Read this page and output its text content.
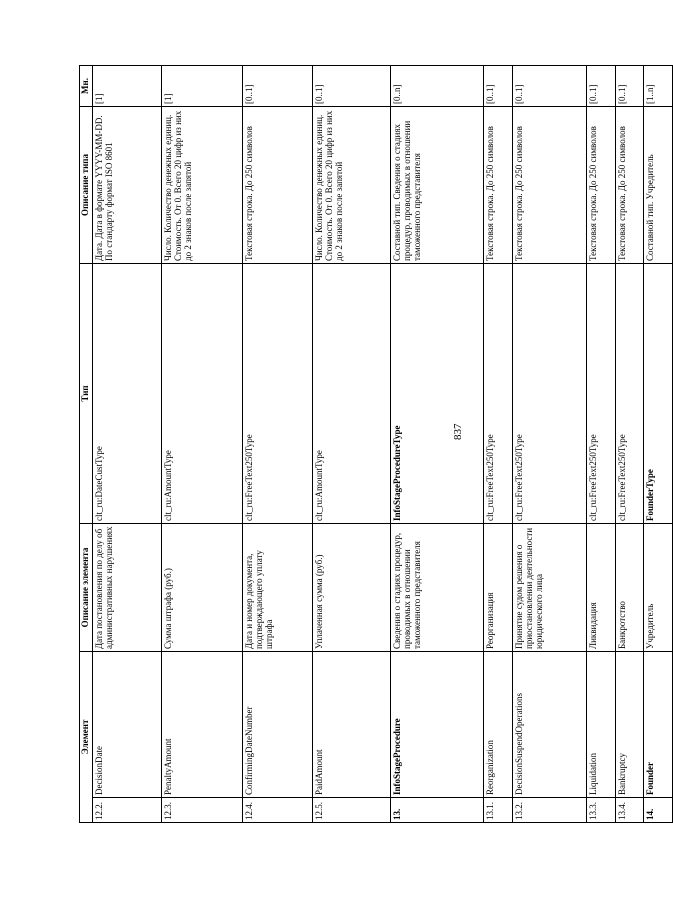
837
Элемент		Описание элемента	Тип	Описание типа	Мн.
12.2.	DecisionDate	Дата постановления по делу об административных нарушениях	clt_ru:DateCustType	Дата. Дата в формате YYYY-MM-DD. По стандарту формат ISO 8601	[1]
12.3.	PenaltyAmount	Сумма штрафа (руб.)	clt_ru:AmountType	Число. Количество денежных единиц. Стоимость. От 0. Всего 20 цифр из них до 2 знаков после запятой	[1]
12.4.	ConfirmingDateNumber	Дата и номер документа, подтверждающего уплату штрафа	clt_ru:FreeText250Type	Текстовая строка. До 250 символов	[0..1]
12.5.	PaidAmount	Уплаченная сумма (руб.)	clt_ru:AmountType	Число. Количество денежных единиц. Стоимость. От 0. Всего 20 цифр из них до 2 знаков после запятой	[0..1]
13.	InfoStageProcedure	Сведения о стадиях процедур, проводимых в отношении таможенного представителя	InfoStageProcedureType	Составной тип. Сведения о стадиях процедур, проводимых в отношении таможенного представителя	[0..n]
13.1.	Reorganization	Реорганизация	clt_ru:FreeText250Type	Текстовая строка. До 250 символов	[0..1]
13.2.	DecisionSuspendOperations	Принятие судом решения о приостановлении деятельности юридического лица	clt_ru:FreeText250Type	Текстовая строка. До 250 символов	[0..1]
13.3.	Liquidation	Ликвидация	clt_ru:FreeText250Type	Текстовая строка. До 250 символов	[0..1]
13.4.	Bankruptcy	Банкротство	clt_ru:FreeText250Type	Текстовая строка. До 250 символов	[0..1]
14.	Founder	Учредитель	FounderType	Составной тип. Учредитель	[1..n]
